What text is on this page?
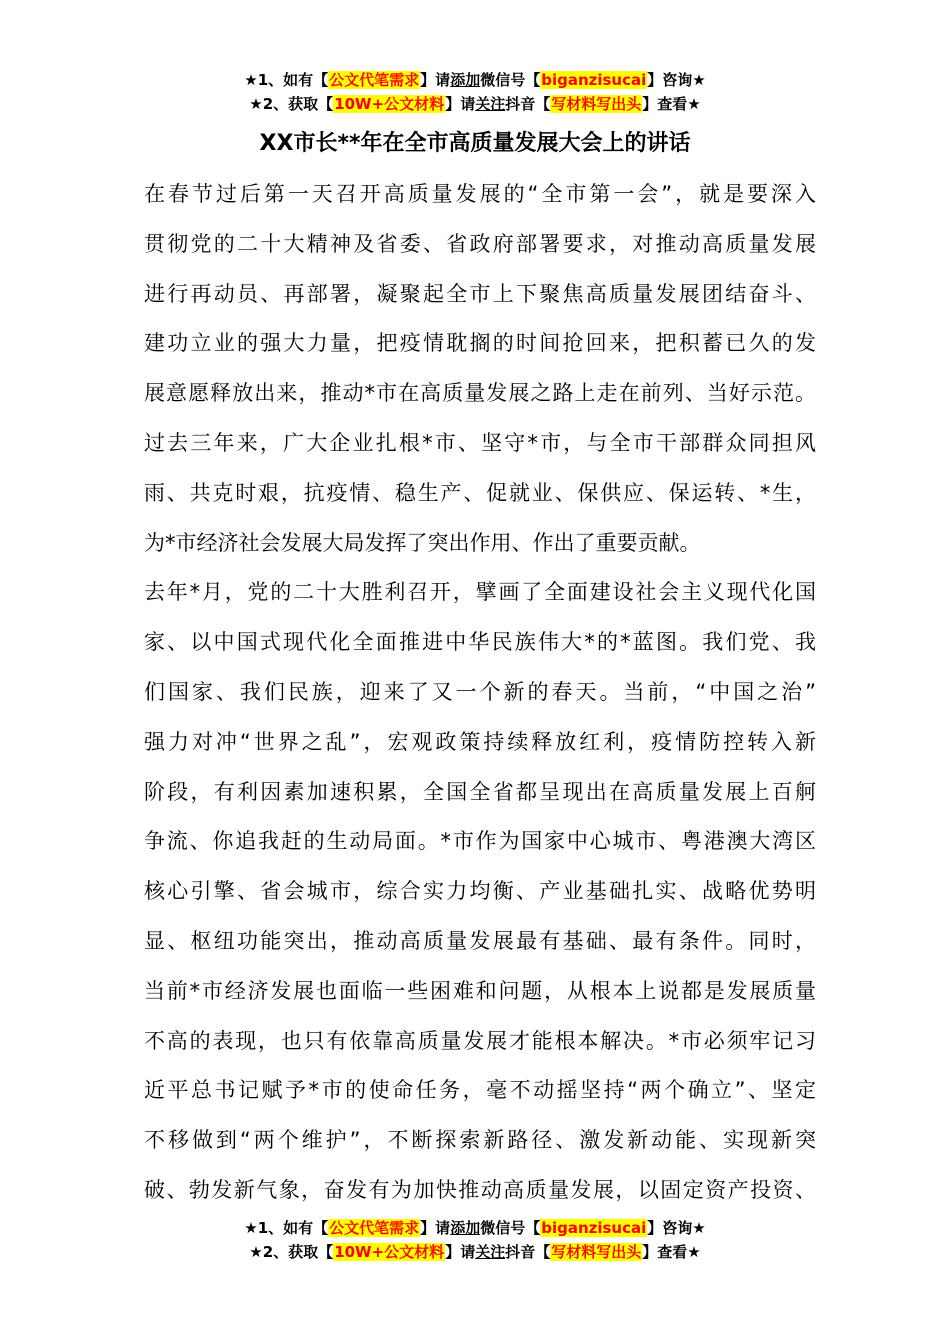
★1、如有【公文代笔需求】请添加微信号【biganzisucai】咨询★
★2、获取【10W+公文材料】请关注抖音【写材料写出头】查看★
XX市长**年在全市高质量发展大会上的讲话
在春节过后第一天召开高质量发展的“全市第一会”，就是要深入
贯彻党的二十大精神及省委、省政府部署要求，对推动高质量发展
进行再动员、再部署，凝聚起全市上下聚焦高质量发展团结奋斗、
建功立业的强大力量，把疫情耽搁的时间抢回来，把积蓄已久的发
展意愿释放出来，推动*市在高质量发展之路上走在前列、当好示范。
过去三年来，广大企业扎根*市、坚守*市，与全市干部群众同担风
雨、共克时艰，抗疫情、稳生产、促就业、保供应、保运转、*生，
为*市经济社会发展大局发挥了突出作用、作出了重要贡献。
去年*月，党的二十大胜利召开，擘画了全面建设社会主义现代化国
家、以中国式现代化全面推进中华民族伟大*的*蓝图。我们党、我
们国家、我们民族，迎来了又一个新的春天。当前，“中国之治”
强力对冲“世界之乱”，宏观政策持续释放红利，疫情防控转入新
阶段，有利因素加速积累，全国全省都呈现出在高质量发展上百舸
争流、你追我赶的生动局面。*市作为国家中心城市、粤港澳大湾区
核心引擎、省会城市，综合实力均衡、产业基础扎实、战略优势明
显、枢纽功能突出，推动高质量发展最有基础、最有条件。同时，
当前*市经济发展也面临一些困难和问题，从根本上说都是发展质量
不高的表现，也只有依靠高质量发展才能根本解决。*市必须牢记习
近平总书记赋予*市的使命任务，毫不动摇坚持“两个确立”、坚定
不移做到“两个维护”，不断探索新路径、激发新动能、实现新突
破、勃发新气象，奋发有为加快推动高质量发展，以固定资产投资、
★1、如有【公文代笔需求】请添加微信号【biganzisucai】咨询★
★2、获取【10W+公文材料】请关注抖音【写材料写出头】查看★
